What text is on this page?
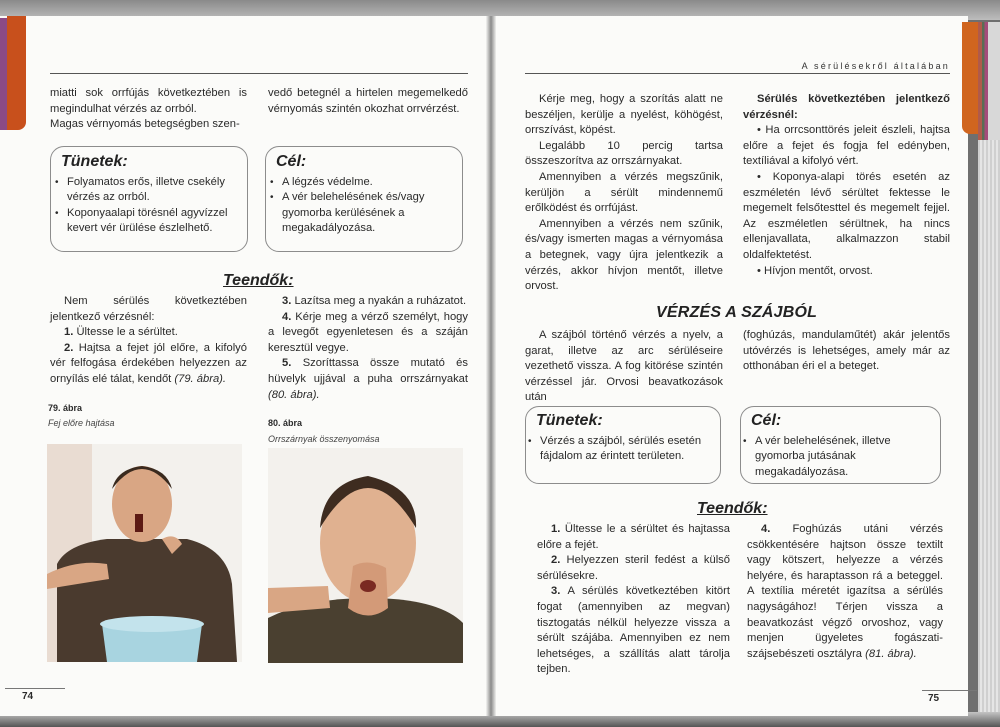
A sérülésekről általában

miatti sok orrfújás következtében is megindulhat vérzés az orrból.

Magas vérnyomás betegségben szen-

vedő betegnél a hirtelen megemelkedő vérnyomás szintén okozhat orrvérzést.

Tünetek:
• Folyamatos erős, illetve csekély vérzés az orrból.
• Koponyaalapi törésnél agyvízzel kevert vér ürülése észlelhető.
Cél:
• A légzés védelme.
• A vér belehelésének és/vagy gyomorba kerülésének a megakadályozása.
Teendők:

Nem sérülés következtében jelentkező vérzésnél:

1. Ültesse le a sérültet.

2. Hajtsa a fejet jól előre, a kifolyó vér felfogása érdekében helyezzen az ornyílás elé tálat, kendőt (79. ábra).

3. Lazítsa meg a nyakán a ruházatot.

4. Kérje meg a vérző személyt, hogy a levegőt egyenletesen és a száján keresztül vegye.

5. Szoríttassa össze mutató és hüvelyk ujjával a puha orrszárnyakat (80. ábra).

79. ábra
Fej előre hajtása	80. ábra
Orrszárnyak összenyomása
74

Kérje meg, hogy a szorítás alatt ne beszéljen, kerülje a nyelést, köhögést, orrszívást, köpést.

Legalább 10 percig tartsa összeszorítva az orrszárnyakat.

Amennyiben a vérzés megszűnik, kerüljön a sérült mindennemű erőlködést és orrfújást.

Amennyiben a vérzés nem szűnik, és/vagy ismerten magas a vérnyomása a betegnek, vagy újra jelentkezik a vérzés, akkor hívjon mentőt, illetve orvost.

Sérülés következtében jelentkező vérzésnél:

• Ha orrcsonttörés jeleit észleli, hajtsa előre a fejet és fogja fel edényben, textíliával a kifolyó vért.

• Koponya-alapi törés esetén az eszméletén lévő sérültet fektesse le megemelt felsőtesttel és megemelt fejjel. Az eszméletlen sérültnek, ha nincs ellenjavallata, alkalmazzon stabil oldalfektetést.

• Hívjon mentőt, orvost.

VÉRZÉS A SZÁJBÓL

A szájból történő vérzés a nyelv, a garat, illetve az arc sérüléseire vezethető vissza. A fog kitörése szintén vérzéssel jár. Orvosi beavatkozások után

(foghúzás, mandulaműtét) akár jelentős utóvérzés is lehetséges, amely már az otthonában éri el a beteget.

Tünetek:
• Vérzés a szájból, sérülés esetén fájdalom az érintett területen.
Cél:
• A vér belehelésének, illetve gyomorba jutásának megakadályozása.
Teendők:

1. Ültesse le a sérültet és hajtassa előre a fejét.

2. Helyezzen steril fedést a külső sérülésekre.

3. A sérülés következtében kitört fogat (amennyiben az megvan) tisztogatás nélkül helyezze vissza a sérült szájába. Amennyiben ez nem lehetséges, a szállítás alatt tárolja tejben.

4. Foghúzás utáni vérzés csökkentésére hajtson össze textilt vagy kötszert, helyezze a vérzés helyére, és haraptasson rá a beteggel. A textília méretét igazítsa a sérülés nagyságához! Térjen vissza a beavatkozást végző orvoshoz, vagy menjen ügyeletes fogászati-szájsebészeti osztályra (81. ábra).

75
